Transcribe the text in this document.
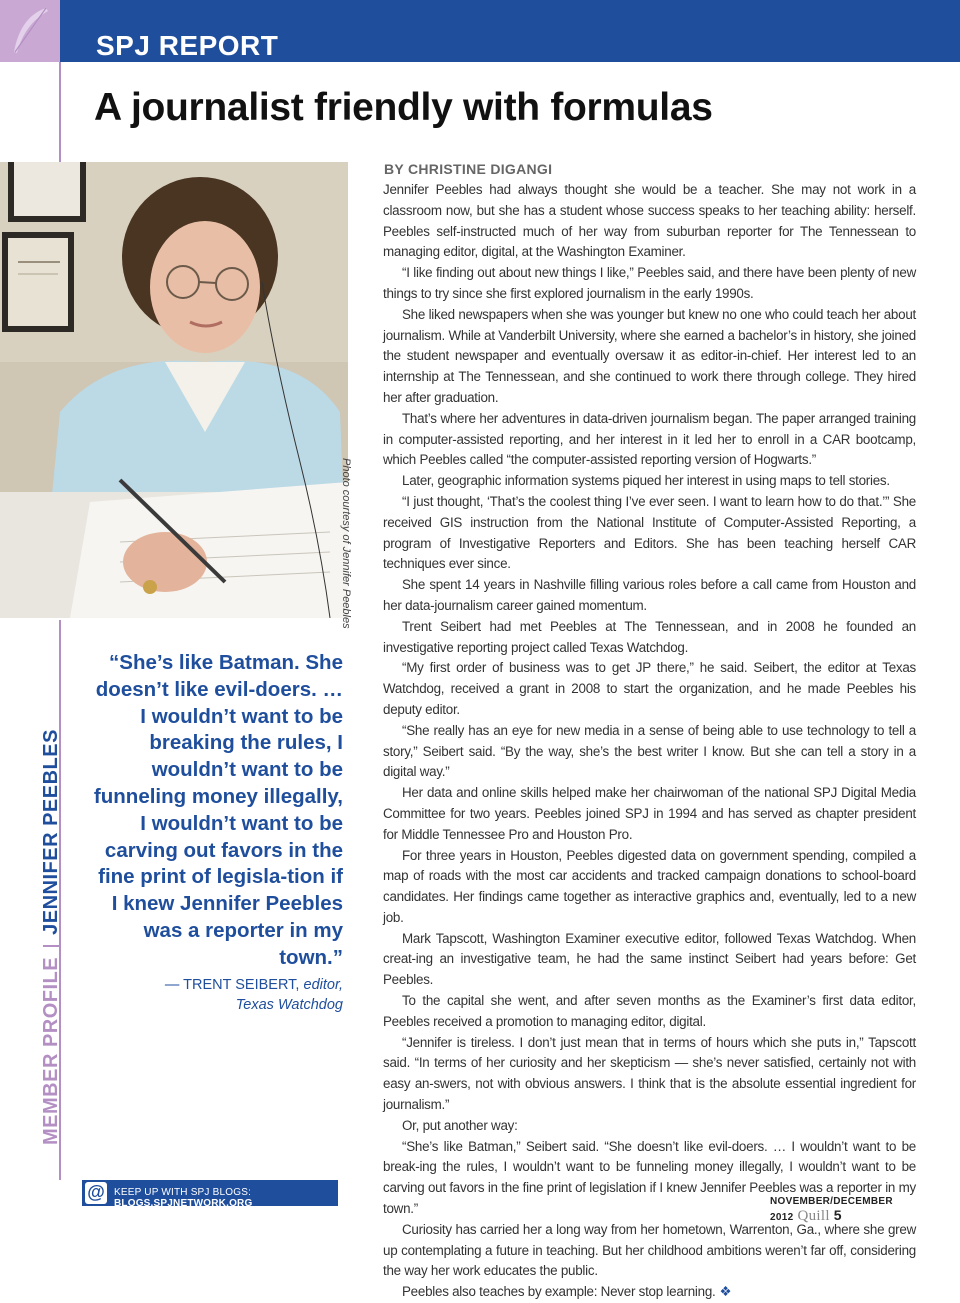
SPJ REPORT
A journalist friendly with formulas
Photo courtesy of Jennifer Peebles
MEMBER PROFILEJENNIFER PEEBLES
“She’s like Batman. She doesn’t like evil-doers. … I wouldn’t want to be breaking the rules, I wouldn’t want to be funneling money illegally, I wouldn’t want to be carving out favors in the fine print of legisla-tion if I knew Jennifer Peebles was a reporter in my town.”
— TRENT SEIBERT, editor,
Texas Watchdog
BY CHRISTINE DIGANGI

Jennifer Peebles had always thought she would be a teacher. She may not work in a classroom now, but she has a student whose success speaks to her teaching ability: herself. Peebles self-instructed much of her way from suburban reporter for The Tennessean to managing editor, digital, at the Washington Examiner.

“I like finding out about new things I like,” Peebles said, and there have been plenty of new things to try since she first explored journalism in the early 1990s.

She liked newspapers when she was younger but knew no one who could teach her about journalism. While at Vanderbilt University, where she earned a bachelor’s in history, she joined the student newspaper and eventually oversaw it as editor-in-chief. Her interest led to an internship at The Tennessean, and she continued to work there through college. They hired her after graduation.

That’s where her adventures in data-driven journalism began. The paper arranged training in computer-assisted reporting, and her interest in it led her to enroll in a CAR bootcamp, which Peebles called “the computer-assisted reporting version of Hogwarts.”

Later, geographic information systems piqued her interest in using maps to tell stories.

“I just thought, ‘That’s the coolest thing I’ve ever seen. I want to learn how to do that.’” She received GIS instruction from the National Institute of Computer-Assisted Reporting, a program of Investigative Reporters and Editors. She has been teaching herself CAR techniques ever since.

She spent 14 years in Nashville filling various roles before a call came from Houston and her data-journalism career gained momentum.

Trent Seibert had met Peebles at The Tennessean, and in 2008 he founded an investigative reporting project called Texas Watchdog.

“My first order of business was to get JP there,” he said. Seibert, the editor at Texas Watchdog, received a grant in 2008 to start the organization, and he made Peebles his deputy editor.

“She really has an eye for new media in a sense of being able to use technology to tell a story,” Seibert said. “By the way, she’s the best writer I know. But she can tell a story in a digital way.”

Her data and online skills helped make her chairwoman of the national SPJ Digital Media Committee for two years. Peebles joined SPJ in 1994 and has served as chapter president for Middle Tennessee Pro and Houston Pro.

For three years in Houston, Peebles digested data on government spending, compiled a map of roads with the most car accidents and tracked campaign donations to school-board candidates. Her findings came together as interactive graphics and, eventually, led to a new job.

Mark Tapscott, Washington Examiner executive editor, followed Texas Watchdog. When creat-ing an investigative team, he had the same instinct Seibert had years before: Get Peebles.

To the capital she went, and after seven months as the Examiner’s first data editor, Peebles received a promotion to managing editor, digital.

“Jennifer is tireless. I don’t just mean that in terms of hours which she puts in,” Tapscott said. “In terms of her curiosity and her skepticism — she’s never satisfied, certainly not with easy an-swers, not with obvious answers. I think that is the absolute essential ingredient for journalism.”

Or, put another way:

“She’s like Batman,” Seibert said. “She doesn’t like evil-doers. … I wouldn’t want to be break-ing the rules, I wouldn’t want to be funneling money illegally, I wouldn’t want to be carving out favors in the fine print of legislation if I knew Jennifer Peebles was a reporter in my town.”

Curiosity has carried her a long way from her hometown, Warrenton, Ga., where she grew up contemplating a future in teaching. But her childhood ambitions weren’t far off, considering the way her work educates the public.

Peebles also teaches by example: Never stop learning. ❖

@ KEEP UP WITH SPJ BLOGS: BLOGS.SPJNETWORK.ORG	NOVEMBER/DECEMBER 2012 Quill 5
